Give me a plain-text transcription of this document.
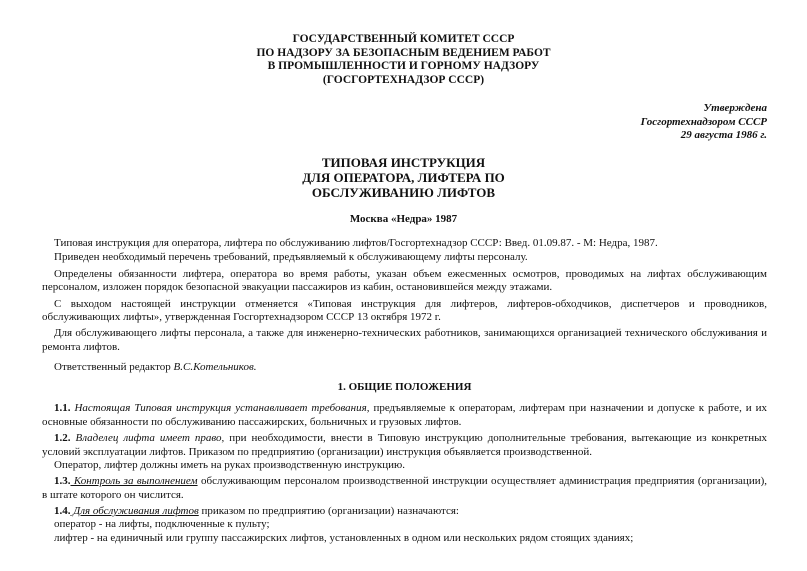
ГОСУДАРСТВЕННЫЙ КОМИТЕТ СССР
ПО НАДЗОРУ ЗА БЕЗОПАСНЫМ ВЕДЕНИЕМ РАБОТ
В ПРОМЫШЛЕННОСТИ И ГОРНОМУ НАДЗОРУ
(ГОСГОРТЕХНАДЗОР СССР)
Утверждена
Госгортехнадзором СССР
29 августа 1986 г.
ТИПОВАЯ ИНСТРУКЦИЯ
ДЛЯ ОПЕРАТОРА, ЛИФТЕРА ПО
ОБСЛУЖИВАНИЮ ЛИФТОВ
Москва «Недра» 1987

Типовая инструкция для оператора, лифтера по обслуживанию лифтов/Госгортехнадзор СССР: Введ. 01.09.87. - М: Недра, 1987.

Приведен необходимый перечень требований, предъявляемый к обслуживающему лифты персоналу.

Определены обязанности лифтера, оператора во время работы, указан объем ежесменных осмотров, проводимых на лифтах обслуживающим персоналом, изложен порядок безопасной эвакуации пассажиров из кабин, остановившейся между этажами.

С выходом настоящей инструкции отменяется «Типовая инструкция для лифтеров, лифтеров-обходчиков, диспетчеров и проводников, обслуживающих лифты», утвержденная Госгортехнадзором СССР 13 октября 1972 г.

Для обслуживающего лифты персонала, а также для инженерно-технических работников, занимающихся организацией технического обслуживания и ремонта лифтов.

Ответственный редактор В.С.Котельников.

1. ОБЩИЕ ПОЛОЖЕНИЯ

1.1. Настоящая Типовая инструкция устанавливает требования, предъявляемые к операторам, лифтерам при назначении и допуске к работе, и их основные обязанности по обслуживанию пассажирских, больничных и грузовых лифтов.

1.2. Владелец лифта имеет право, при необходимости, внести в Типовую инструкцию дополнительные требования, вытекающие из конкретных условий эксплуатации лифтов. Приказом по предприятию (организации) инструкция объявляется производственной.

Оператор, лифтер должны иметь на руках производственную инструкцию.

1.3. Контроль за выполнением обслуживающим персоналом производственной инструкции осуществляет администрация предприятия (организации), в штате которого он числится.

1.4. Для обслуживания лифтов приказом по предприятию (организации) назначаются:

оператор - на лифты, подключенные к пульту;

лифтер - на единичный или группу пассажирских лифтов, установленных в одном или нескольких рядом стоящих зданиях;
